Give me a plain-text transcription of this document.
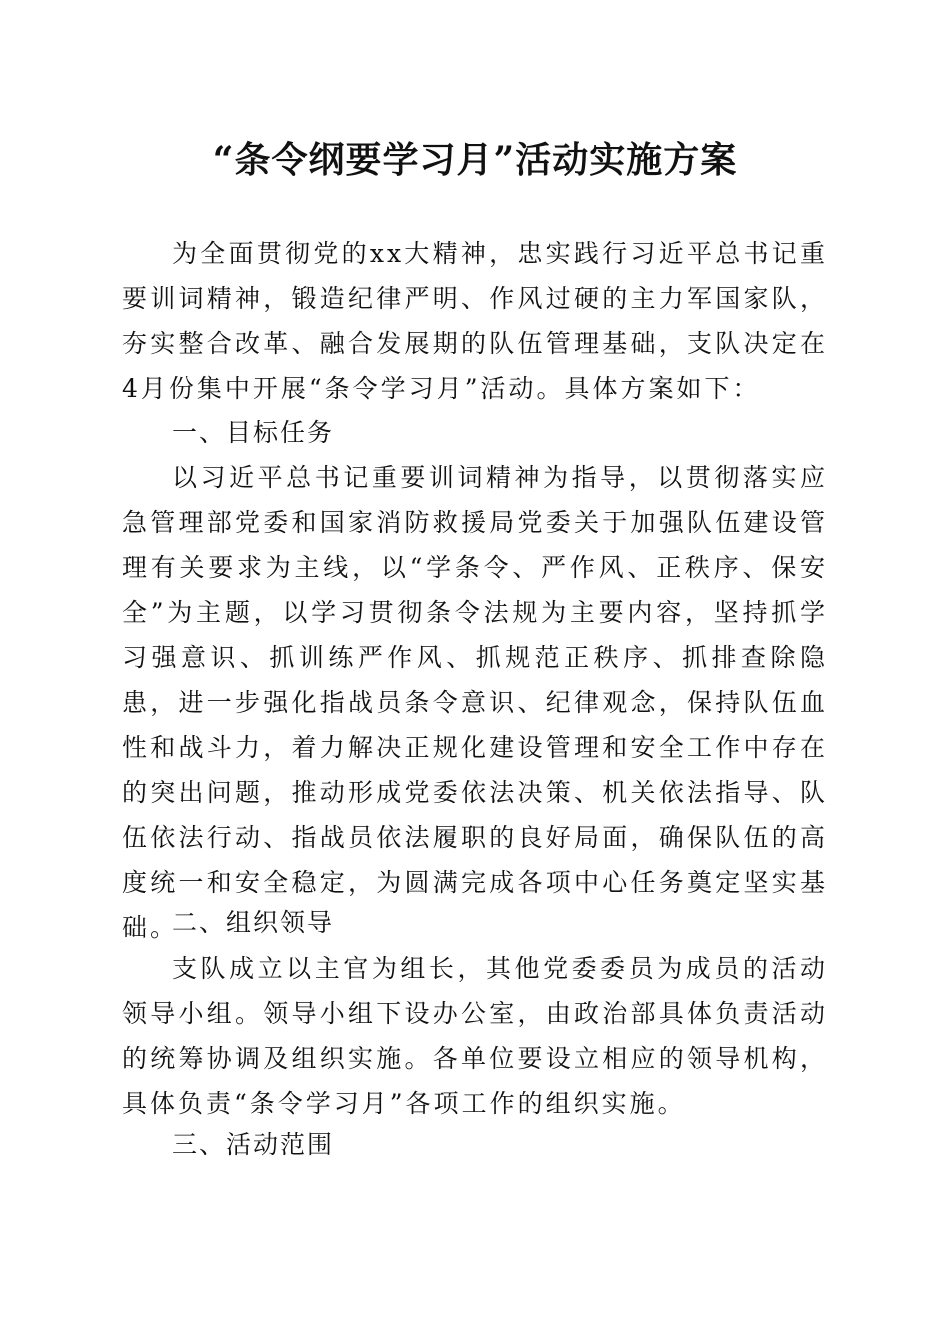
“条令纲要学习月”活动实施方案

为全面贯彻党的xx大精神，忠实践行习近平总书记重要训词精神，锻造纪律严明、作风过硬的主力军国家队，夯实整合改革、融合发展期的队伍管理基础，支队决定在4月份集中开展“条令学习月”活动。具体方案如下：

一、目标任务

以习近平总书记重要训词精神为指导，以贯彻落实应急管理部党委和国家消防救援局党委关于加强队伍建设管理有关要求为主线，以“学条令、严作风、正秩序、保安全”为主题，以学习贯彻条令法规为主要内容，坚持抓学习强意识、抓训练严作风、抓规范正秩序、抓排查除隐患，进一步强化指战员条令意识、纪律观念，保持队伍血性和战斗力，着力解决正规化建设管理和安全工作中存在的突出问题，推动形成党委依法决策、机关依法指导、队伍依法行动、指战员依法履职的良好局面，确保队伍的高度统一和安全稳定，为圆满完成各项中心任务奠定坚实基础。

二、组织领导

支队成立以主官为组长，其他党委委员为成员的活动领导小组。领导小组下设办公室，由政治部具体负责活动的统筹协调及组织实施。各单位要设立相应的领导机构，具体负责“条令学习月”各项工作的组织实施。

三、活动范围
